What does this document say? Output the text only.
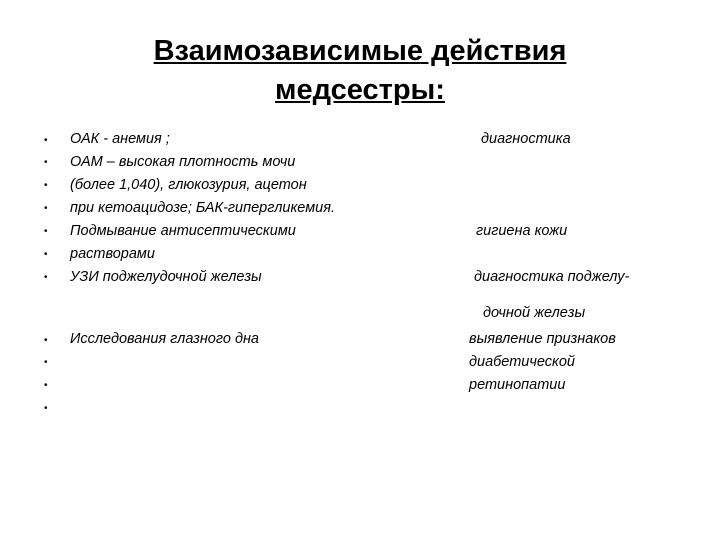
Взаимозависимые действия
медсестры:
•
•
•
•
•
•
•
•
•
•
•
ОАК - анемия ;
ОАМ – высокая плотность мочи
(более 1,040), глюкозурия, ацетон
при кетоацидозе; БАК-гипергликемия.
Подмывание антисептическими
растворами
УЗИ поджелудочной железы
Исследования глазного дна
диагностика
гигиена кожи
диагностика поджелу-
дочной железы
выявление признаков
диабетической
ретинопатии
